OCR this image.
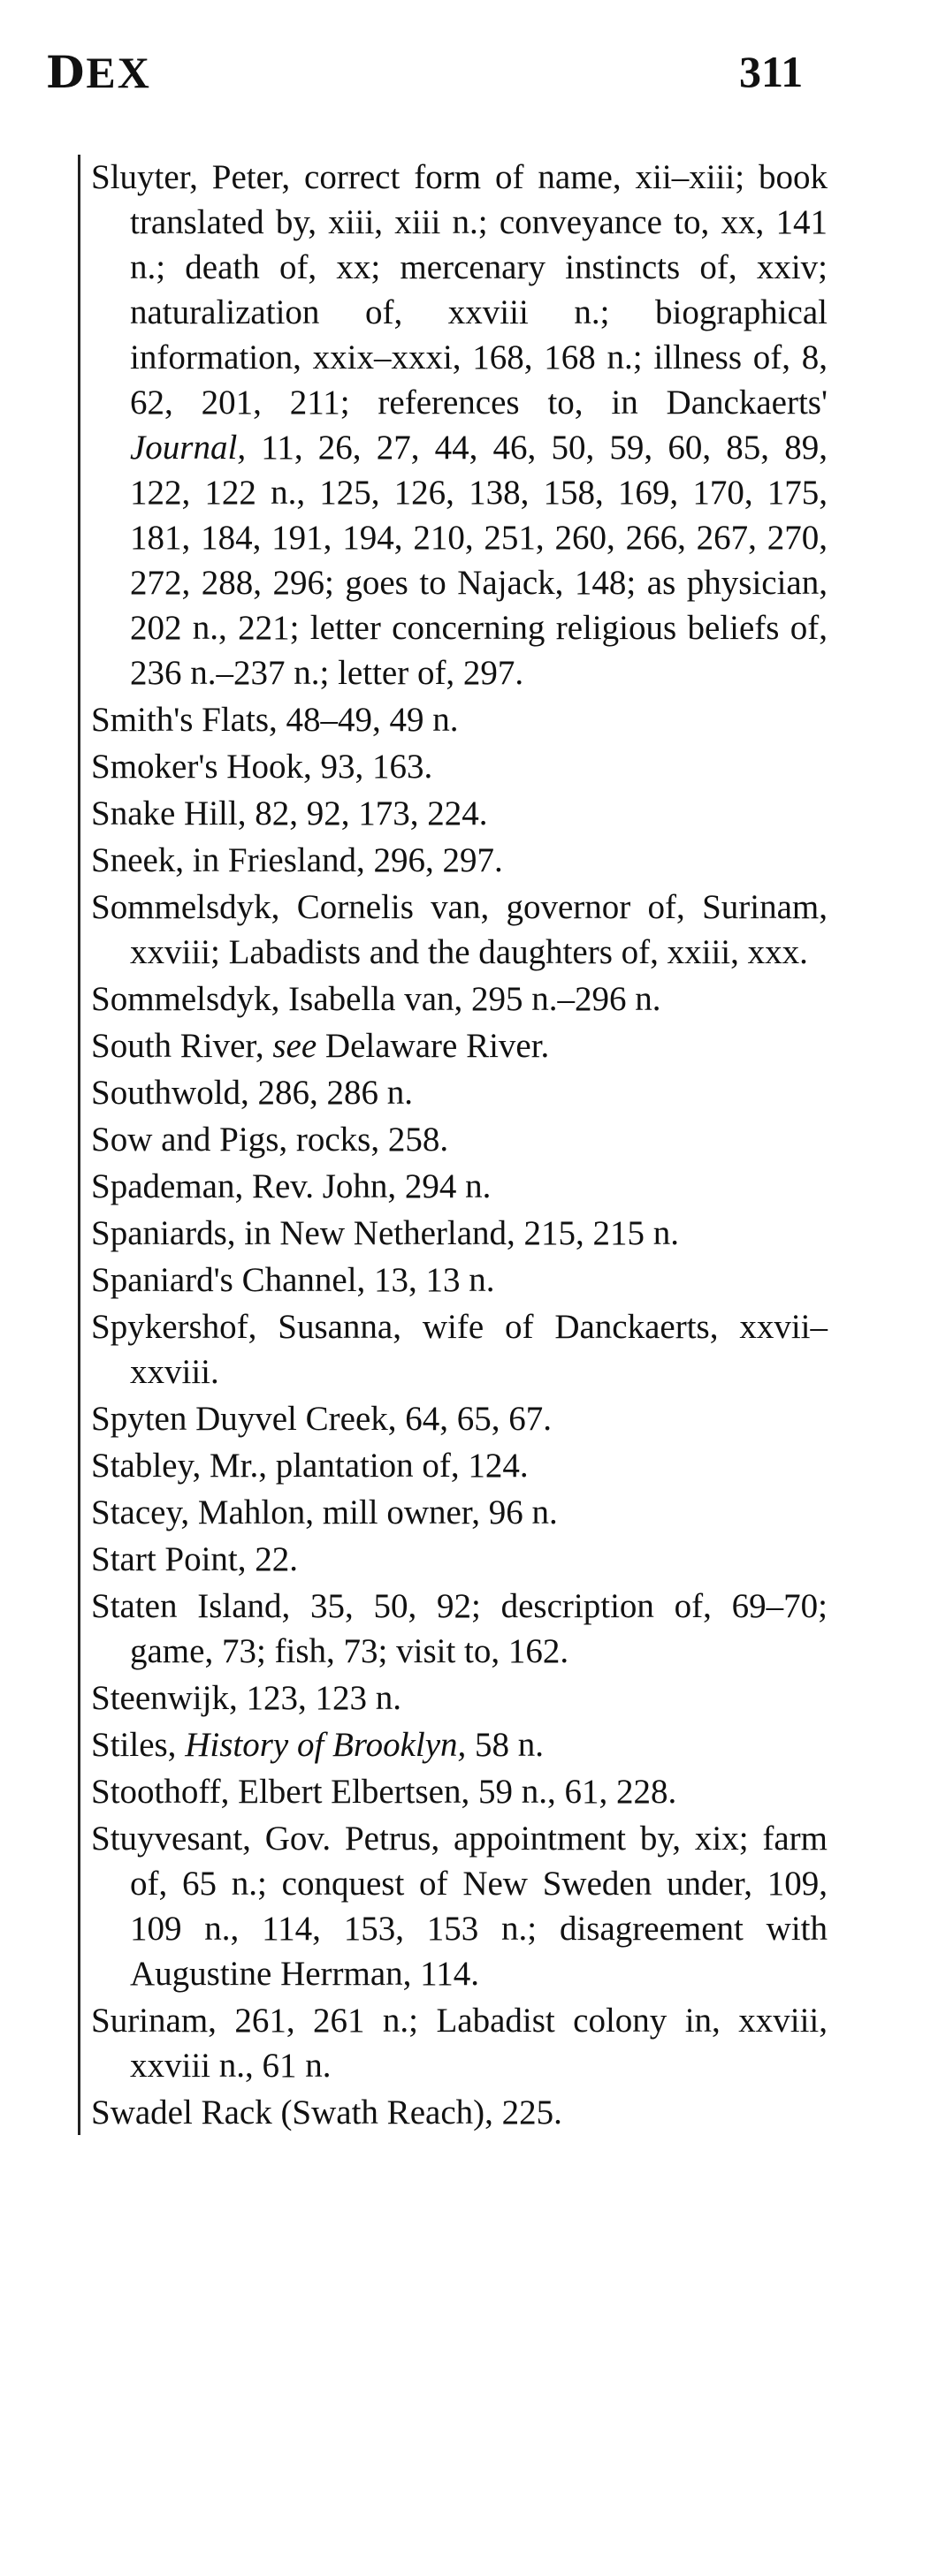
ⅮEX	311
Sluyter, Peter, correct form of name, xii–xiii; book translated by, xiii, xiii n.; conveyance to, xx, 141 n.; death of, xx; mercenary instincts of, xxiv; naturalization of, xxviii n.; biographical information, xxix–xxxi, 168, 168 n.; illness of, 8, 62, 201, 211; references to, in Danckaerts' Journal, 11, 26, 27, 44, 46, 50, 59, 60, 85, 89, 122, 122 n., 125, 126, 138, 158, 169, 170, 175, 181, 184, 191, 194, 210, 251, 260, 266, 267, 270, 272, 288, 296; goes to Najack, 148; as physician, 202 n., 221; letter concerning religious beliefs of, 236 n.–237 n.; letter of, 297.
Smith's Flats, 48–49, 49 n.
Smoker's Hook, 93, 163.
Snake Hill, 82, 92, 173, 224.
Sneek, in Friesland, 296, 297.
Sommelsdyk, Cornelis van, governor of, Surinam, xxviii; Labadists and the daughters of, xxiii, xxx.
Sommelsdyk, Isabella van, 295 n.–296 n.
South River, see Delaware River.
Southwold, 286, 286 n.
Sow and Pigs, rocks, 258.
Spademan, Rev. John, 294 n.
Spaniards, in New Netherland, 215, 215 n.
Spaniard's Channel, 13, 13 n.
Spykershof, Susanna, wife of Danckaerts, xxvii–xxviii.
Spyten Duyvel Creek, 64, 65, 67.
Stabley, Mr., plantation of, 124.
Stacey, Mahlon, mill owner, 96 n.
Start Point, 22.
Staten Island, 35, 50, 92; description of, 69–70; game, 73; fish, 73; visit to, 162.
Steenwijk, 123, 123 n.
Stiles, History of Brooklyn, 58 n.
Stoothoff, Elbert Elbertsen, 59 n., 61, 228.
Stuyvesant, Gov. Petrus, appointment by, xix; farm of, 65 n.; conquest of New Sweden under, 109, 109 n., 114, 153, 153 n.; disagreement with Augustine Herrman, 114.
Surinam, 261, 261 n.; Labadist colony in, xxviii, xxviii n., 61 n.
Swadel Rack (Swath Reach), 225.
